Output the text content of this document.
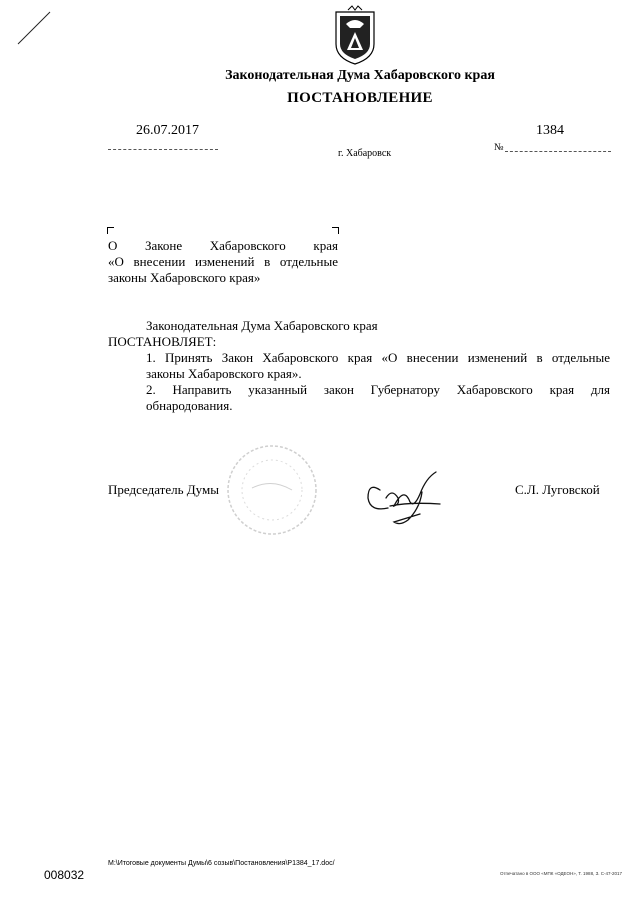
Законодательная Дума Хабаровского края
ПОСТАНОВЛЕНИЕ
26.07.2017	1384
№
г. Хабаровск
О Законе Хабаровского края
«О внесении изменений в отдельные
законы Хабаровского края»
Законодательная Дума Хабаровского края
ПОСТАНОВЛЯЕТ:
1. Принять Закон Хабаровского края «О внесении изменений в отдельные
законы Хабаровского края».
2. Направить указанный закон Губернатору Хабаровского края для
обнародования.
Председатель Думы	С.Л. Луговской
008032
M:\Итоговые документы Думы\6 созыв\Постановления\P1384_17.doc/
Отпечатано в ООО «МПК «ОДЕОН», Т. 1988, З. С-47-2017
